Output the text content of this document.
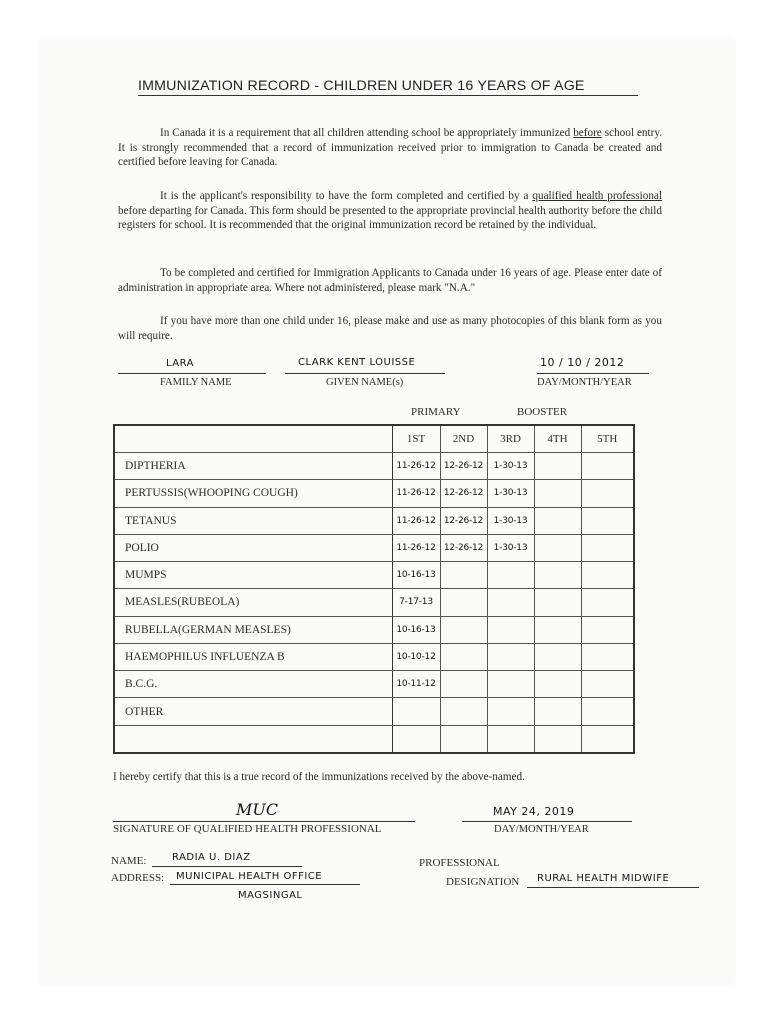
IMMUNIZATION RECORD - CHILDREN UNDER 16 YEARS OF AGE
In Canada it is a requirement that all children attending school be appropriately immunized before school entry. It is strongly recommended that a record of immunization received prior to immigration to Canada be created and certified before leaving for Canada.
It is the applicant's responsibility to have the form completed and certified by a qualified health professional before departing for Canada. This form should be presented to the appropriate provincial health authority before the child registers for school. It is recommended that the original immunization record be retained by the individual.
To be completed and certified for Immigration Applicants to Canada under 16 years of age. Please enter date of administration in appropriate area. Where not administered, please mark "N.A."
If you have more than one child under 16, please make and use as many photocopies of this blank form as you will require.
LARA
FAMILY NAME
CLARK KENT LOUISSE
GIVEN NAME(s)
10 / 10 / 2012
DAY/MONTH/YEAR
PRIMARY	BOOSTER
	1ST	2ND	3RD	4TH	5TH
DIPTHERIA	11-26-12	12-26-12	1-30-13		
PERTUSSIS(WHOOPING COUGH)	11-26-12	12-26-12	1-30-13		
TETANUS	11-26-12	12-26-12	1-30-13		
POLIO	11-26-12	12-26-12	1-30-13		
MUMPS	10-16-13				
MEASLES(RUBEOLA)	7-17-13				
RUBELLA(GERMAN MEASLES)	10-16-13				
HAEMOPHILUS INFLUENZA B	10-10-12				
B.C.G.	10-11-12				
OTHER					

I hereby certify that this is a true record of the immunizations received by the above-named.
MUC
SIGNATURE OF QUALIFIED HEALTH PROFESSIONAL
MAY 24, 2019
DAY/MONTH/YEAR
NAME:	RADIA U. DIAZ
ADDRESS: MUNICIPAL HEALTH OFFICE
MAGSINGAL
PROFESSIONAL
DESIGNATION RURAL HEALTH MIDWIFE
